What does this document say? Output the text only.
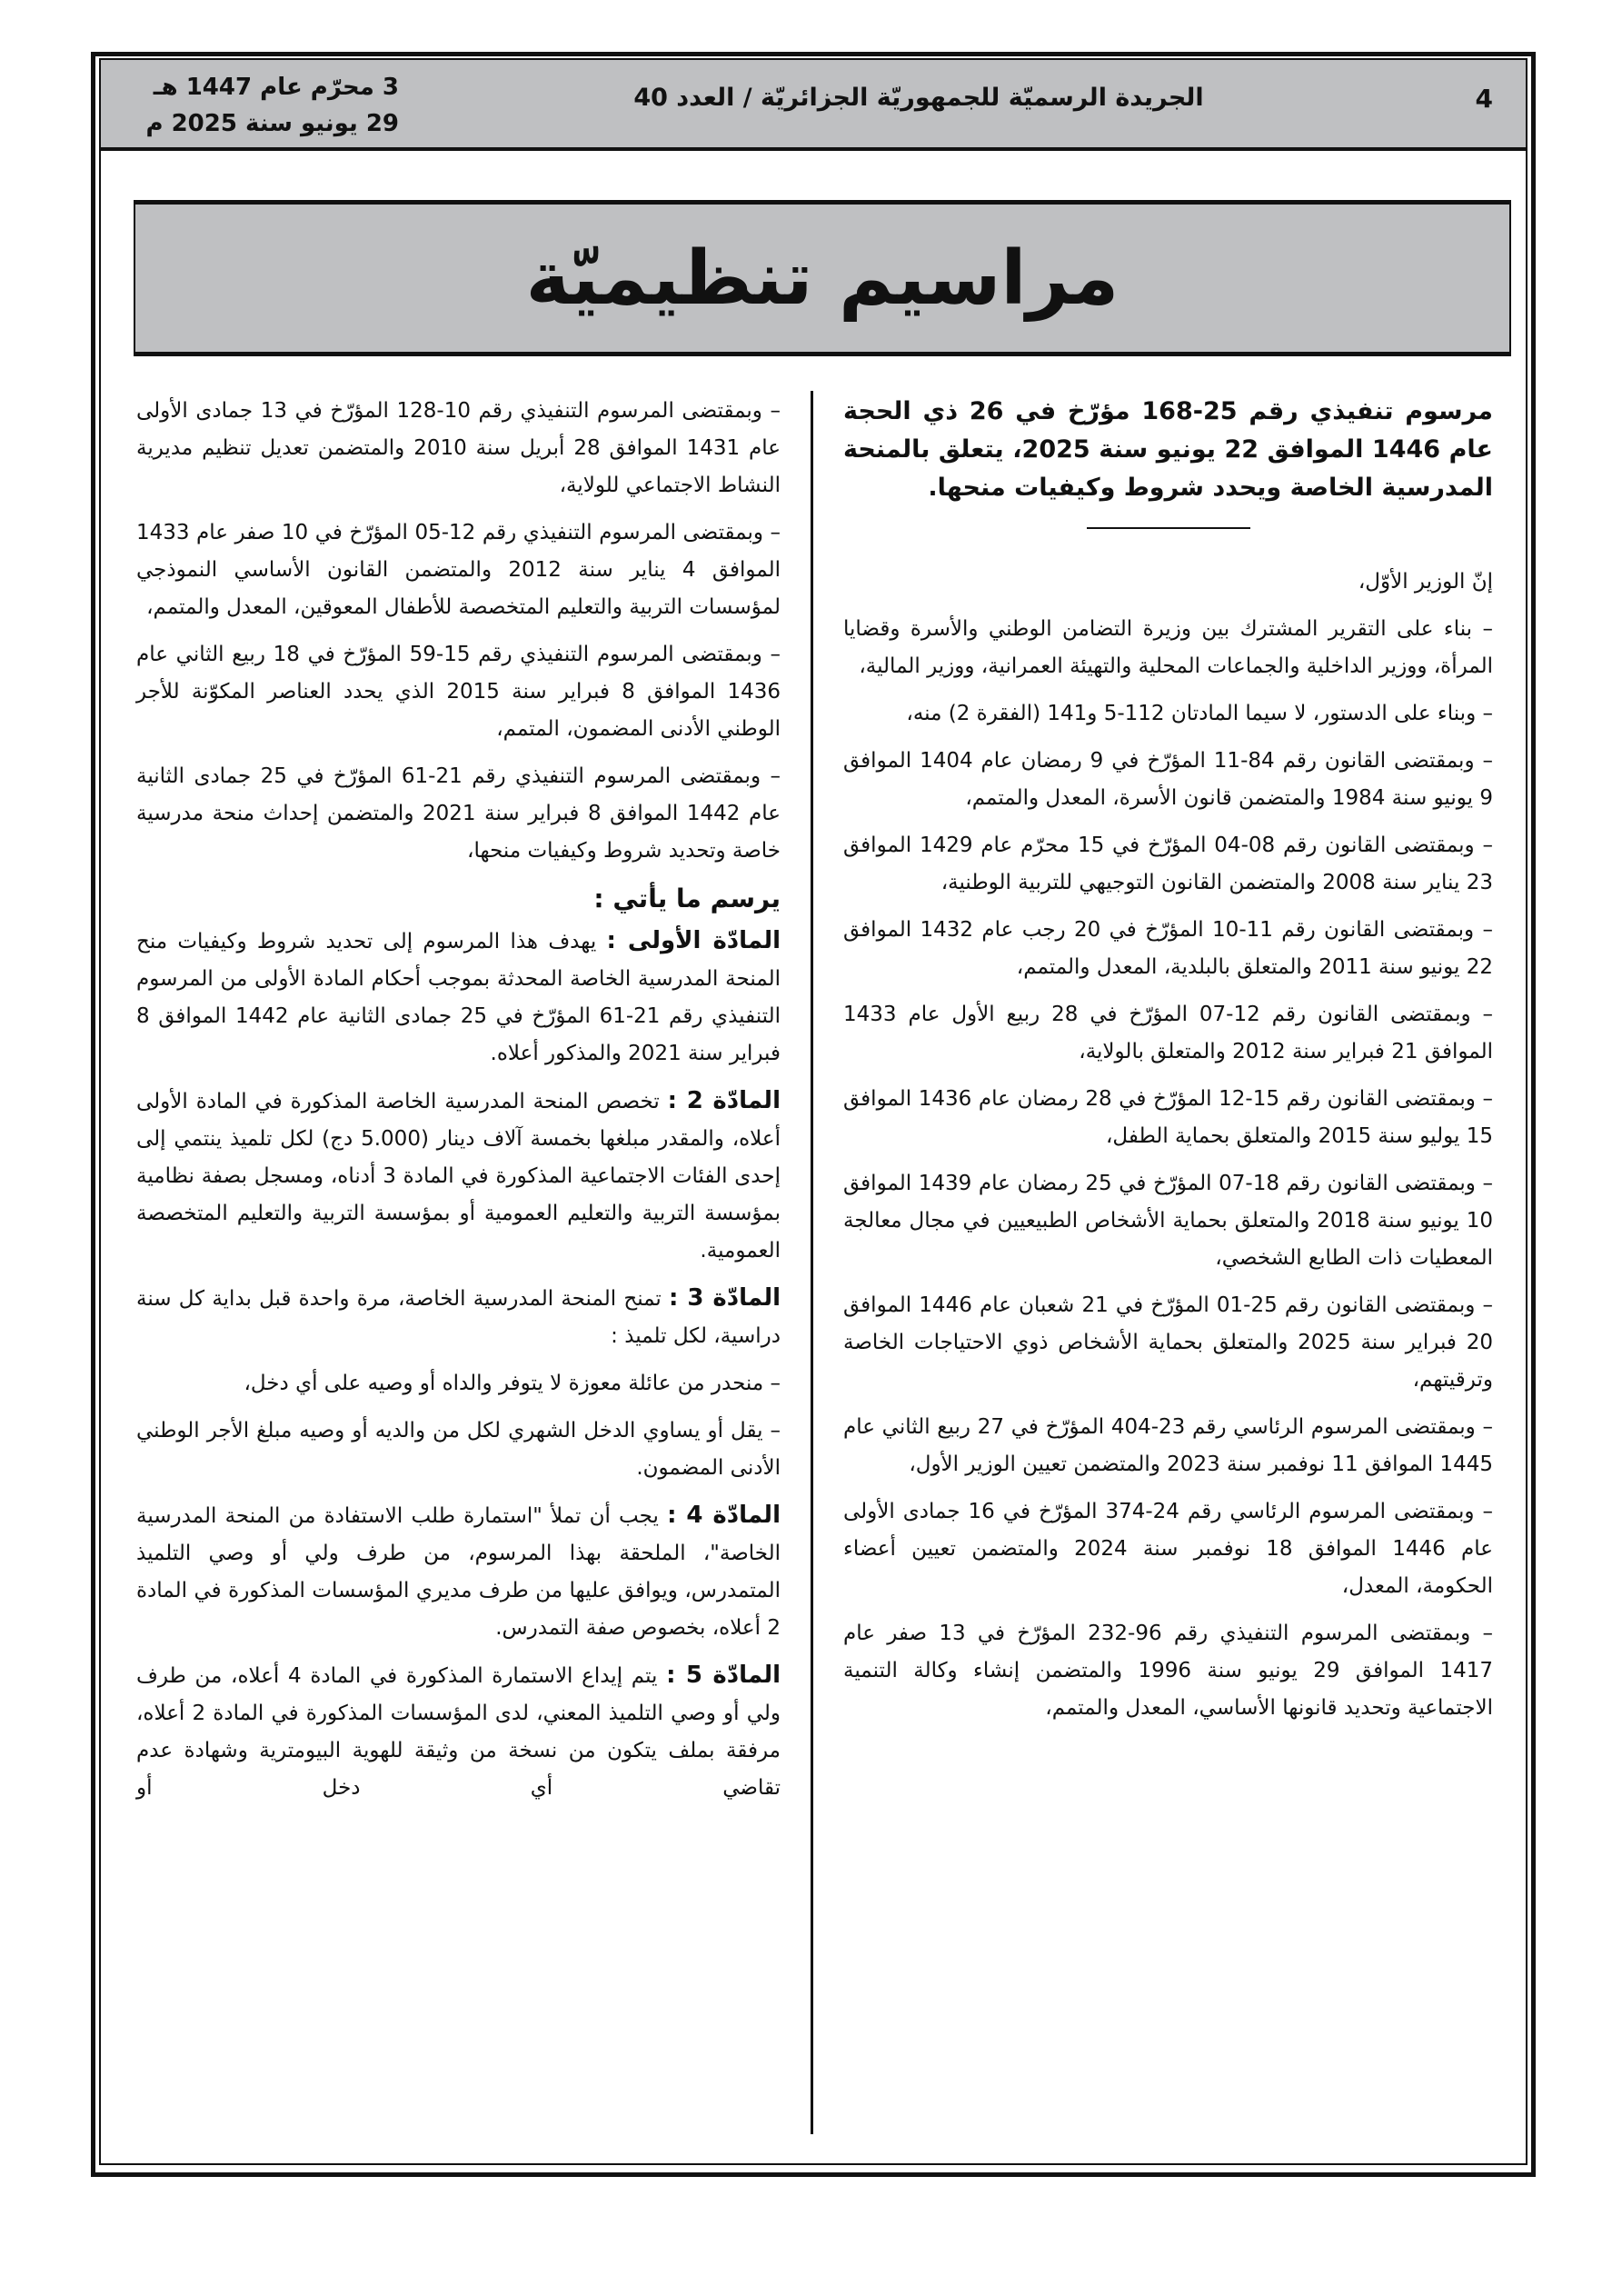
4
الجريدة الرسميّة للجمهوريّة الجزائريّة / العدد 40
3 محرّم عام 1447 هـ
29 يونيو سنة 2025 م
مراسيم تنظيميّة

مرسوم تنفيذي رقم 25-168 مؤرّخ في 26 ذي الحجة عام 1446 الموافق 22 يونيو سنة 2025، يتعلق بالمنحة المدرسية الخاصة ويحدد شروط وكيفيات منحها.

إنّ الوزير الأوّل،

– بناء على التقرير المشترك بين وزيرة التضامن الوطني والأسرة وقضايا المرأة، ووزير الداخلية والجماعات المحلية والتهيئة العمرانية، ووزير المالية،

– وبناء على الدستور، لا سيما المادتان 112-5 و141 (الفقرة 2) منه،

– وبمقتضى القانون رقم 84-11 المؤرّخ في 9 رمضان عام 1404 الموافق 9 يونيو سنة 1984 والمتضمن قانون الأسرة، المعدل والمتمم،

– وبمقتضى القانون رقم 08-04 المؤرّخ في 15 محرّم عام 1429 الموافق 23 يناير سنة 2008 والمتضمن القانون التوجيهي للتربية الوطنية،

– وبمقتضى القانون رقم 11-10 المؤرّخ في 20 رجب عام 1432 الموافق 22 يونيو سنة 2011 والمتعلق بالبلدية، المعدل والمتمم،

– وبمقتضى القانون رقم 12-07 المؤرّخ في 28 ربيع الأول عام 1433 الموافق 21 فبراير سنة 2012 والمتعلق بالولاية،

– وبمقتضى القانون رقم 15-12 المؤرّخ في 28 رمضان عام 1436 الموافق 15 يوليو سنة 2015 والمتعلق بحماية الطفل،

– وبمقتضى القانون رقم 18-07 المؤرّخ في 25 رمضان عام 1439 الموافق 10 يونيو سنة 2018 والمتعلق بحماية الأشخاص الطبيعيين في مجال معالجة المعطيات ذات الطابع الشخصي،

– وبمقتضى القانون رقم 25-01 المؤرّخ في 21 شعبان عام 1446 الموافق 20 فبراير سنة 2025 والمتعلق بحماية الأشخاص ذوي الاحتياجات الخاصة وترقيتهم،

– وبمقتضى المرسوم الرئاسي رقم 23-404 المؤرّخ في 27 ربيع الثاني عام 1445 الموافق 11 نوفمبر سنة 2023 والمتضمن تعيين الوزير الأول،

– وبمقتضى المرسوم الرئاسي رقم 24-374 المؤرّخ في 16 جمادى الأولى عام 1446 الموافق 18 نوفمبر سنة 2024 والمتضمن تعيين أعضاء الحكومة، المعدل،

– وبمقتضى المرسوم التنفيذي رقم 96-232 المؤرّخ في 13 صفر عام 1417 الموافق 29 يونيو سنة 1996 والمتضمن إنشاء وكالة التنمية الاجتماعية وتحديد قانونها الأساسي، المعدل والمتمم،

– وبمقتضى المرسوم التنفيذي رقم 10-128 المؤرّخ في 13 جمادى الأولى عام 1431 الموافق 28 أبريل سنة 2010 والمتضمن تعديل تنظيم مديرية النشاط الاجتماعي للولاية،

– وبمقتضى المرسوم التنفيذي رقم 12-05 المؤرّخ في 10 صفر عام 1433 الموافق 4 يناير سنة 2012 والمتضمن القانون الأساسي النموذجي لمؤسسات التربية والتعليم المتخصصة للأطفال المعوقين، المعدل والمتمم،

– وبمقتضى المرسوم التنفيذي رقم 15-59 المؤرّخ في 18 ربيع الثاني عام 1436 الموافق 8 فبراير سنة 2015 الذي يحدد العناصر المكوّنة للأجر الوطني الأدنى المضمون، المتمم،

– وبمقتضى المرسوم التنفيذي رقم 21-61 المؤرّخ في 25 جمادى الثانية عام 1442 الموافق 8 فبراير سنة 2021 والمتضمن إحداث منحة مدرسية خاصة وتحديد شروط وكيفيات منحها،

يرسم ما يأتي :

المادّة الأولى : يهدف هذا المرسوم إلى تحديد شروط وكيفيات منح المنحة المدرسية الخاصة المحدثة بموجب أحكام المادة الأولى من المرسوم التنفيذي رقم 21-61 المؤرّخ في 25 جمادى الثانية عام 1442 الموافق 8 فبراير سنة 2021 والمذكور أعلاه.

المادّة 2 : تخصص المنحة المدرسية الخاصة المذكورة في المادة الأولى أعلاه، والمقدر مبلغها بخمسة آلاف دينار (5.000 دج) لكل تلميذ ينتمي إلى إحدى الفئات الاجتماعية المذكورة في المادة 3 أدناه، ومسجل بصفة نظامية بمؤسسة التربية والتعليم العمومية أو بمؤسسة التربية والتعليم المتخصصة العمومية.

المادّة 3 : تمنح المنحة المدرسية الخاصة، مرة واحدة قبل بداية كل سنة دراسية، لكل تلميذ :

– منحدر من عائلة معوزة لا يتوفر والداه أو وصيه على أي دخل،

– يقل أو يساوي الدخل الشهري لكل من والديه أو وصيه مبلغ الأجر الوطني الأدنى المضمون.

المادّة 4 : يجب أن تملأ "استمارة طلب الاستفادة من المنحة المدرسية الخاصة"، الملحقة بهذا المرسوم، من طرف ولي أو وصي التلميذ المتمدرس، ويوافق عليها من طرف مديري المؤسسات المذكورة في المادة 2 أعلاه، بخصوص صفة التمدرس.

المادّة 5 : يتم إيداع الاستمارة المذكورة في المادة 4 أعلاه، من طرف ولي أو وصي التلميذ المعني، لدى المؤسسات المذكورة في المادة 2 أعلاه، مرفقة بملف يتكون من نسخة من وثيقة للهوية البيومترية وشهادة عدم تقاضي أي دخل أو
